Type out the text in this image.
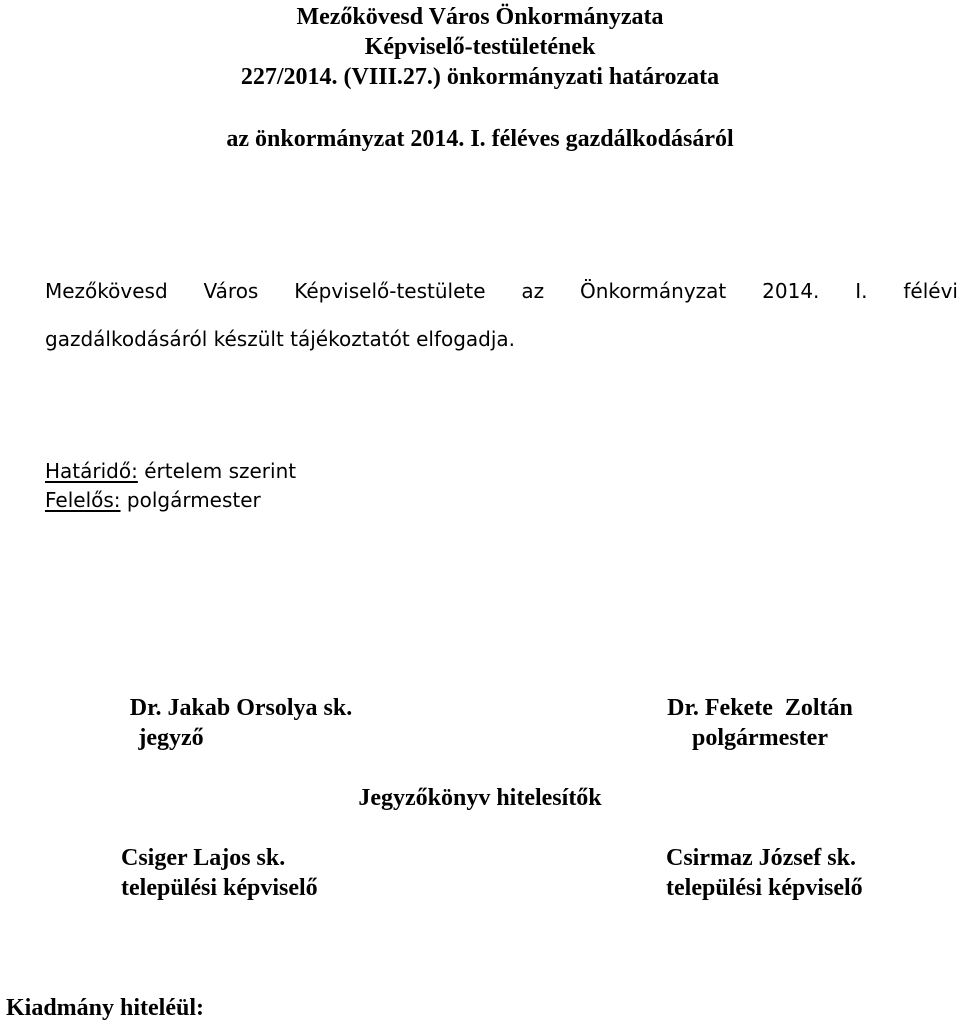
Mezőkövesd Város Önkormányzata
Képviselő-testületének
227/2014. (VIII.27.) önkormányzati határozata
az önkormányzat 2014. I. féléves gazdálkodásáról
Mezőkövesd Város Képviselő-testülete az Önkormányzat 2014. I. félévi
gazdálkodásáról készült tájékoztatót elfogadja.
Határidő: értelem szerint
Felelős: polgármester
Dr. Jakab Orsolya sk.
jegyző
Dr. Fekete  Zoltán
polgármester
Jegyzőkönyv hitelesítők
Csiger Lajos sk.
települési képviselő
Csirmaz József sk.
települési képviselő
Kiadmány hiteléül:
